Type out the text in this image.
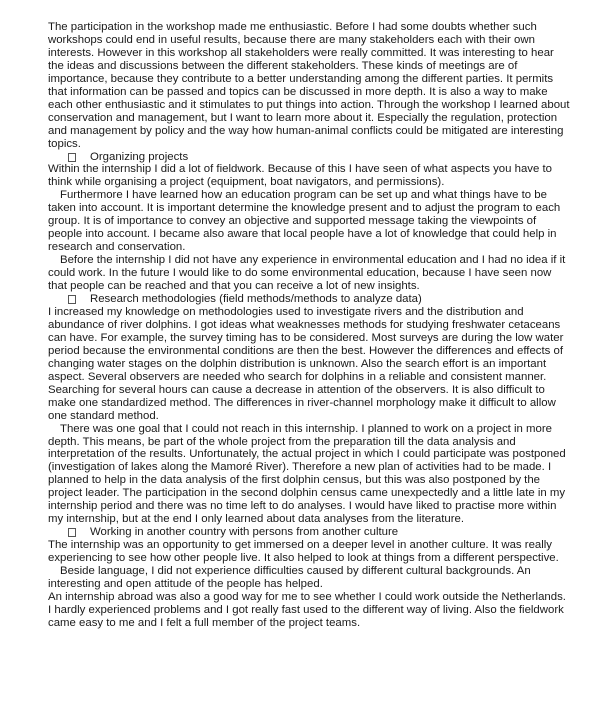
The participation in the workshop made me enthusiastic. Before I had some doubts whether such workshops could end in useful results, because there are many stakeholders each with their own interests. However in this workshop all stakeholders were really committed. It was interesting to hear the ideas and discussions between the different stakeholders. These kinds of meetings are of importance, because they contribute to a better understanding among the different parties. It permits that information can be passed and topics can be discussed in more depth. It is also a way to make each other enthusiastic and it stimulates to put things into action. Through the workshop I learned about conservation and management, but I want to learn more about it. Especially the regulation, protection and management by policy and the way how human-animal conflicts could be mitigated are interesting topics.

Organizing projects

Within the internship I did a lot of fieldwork. Because of this I have seen of what aspects you have to think while organising a project (equipment, boat navigators, and permissions).

Furthermore I have learned how an education program can be set up and what things have to be taken into account. It is important determine the knowledge present and to adjust the program to each group. It is of importance to convey an objective and supported message taking the viewpoints of people into account. I became also aware that local people have a lot of knowledge that could help in research and conservation.

Before the internship I did not have any experience in environmental education and I had no idea if it could work. In the future I would like to do some environmental education, because I have seen now that people can be reached and that you can receive a lot of new insights.

Research methodologies (field methods/methods to analyze data)

I increased my knowledge on methodologies used to investigate rivers and the distribution and abundance of river dolphins. I got ideas what weaknesses methods for studying freshwater cetaceans can have. For example, the survey timing has to be considered. Most surveys are during the low water period because the environmental conditions are then the best. However the differences and effects of changing water stages on the dolphin distribution is unknown. Also the search effort is an important aspect. Several observers are needed who search for dolphins in a reliable and consistent manner. Searching for several hours can cause a decrease in attention of the observers. It is also difficult to make one standardized method. The differences in river-channel morphology make it difficult to allow one standard method.

There was one goal that I could not reach in this internship. I planned to work on a project in more depth. This means, be part of the whole project from the preparation till the data analysis and interpretation of the results. Unfortunately, the actual project in which I could participate was postponed (investigation of lakes along the Mamoré River). Therefore a new plan of activities had to be made. I planned to help in the data analysis of the first dolphin census, but this was also postponed by the project leader. The participation in the second dolphin census came unexpectedly and a little late in my internship period and there was no time left to do analyses. I would have liked to practise more within my internship, but at the end I only learned about data analyses from the literature.

Working in another country with persons from another culture

The internship was an opportunity to get immersed on a deeper level in another culture. It was really experiencing to see how other people live. It also helped to look at things from a different perspective.

Beside language, I did not experience difficulties caused by different cultural backgrounds. An interesting and open attitude of the people has helped.

An internship abroad was also a good way for me to see whether I could work outside the Netherlands. I hardly experienced problems and I got really fast used to the different way of living. Also the fieldwork came easy to me and I felt a full member of the project teams.
